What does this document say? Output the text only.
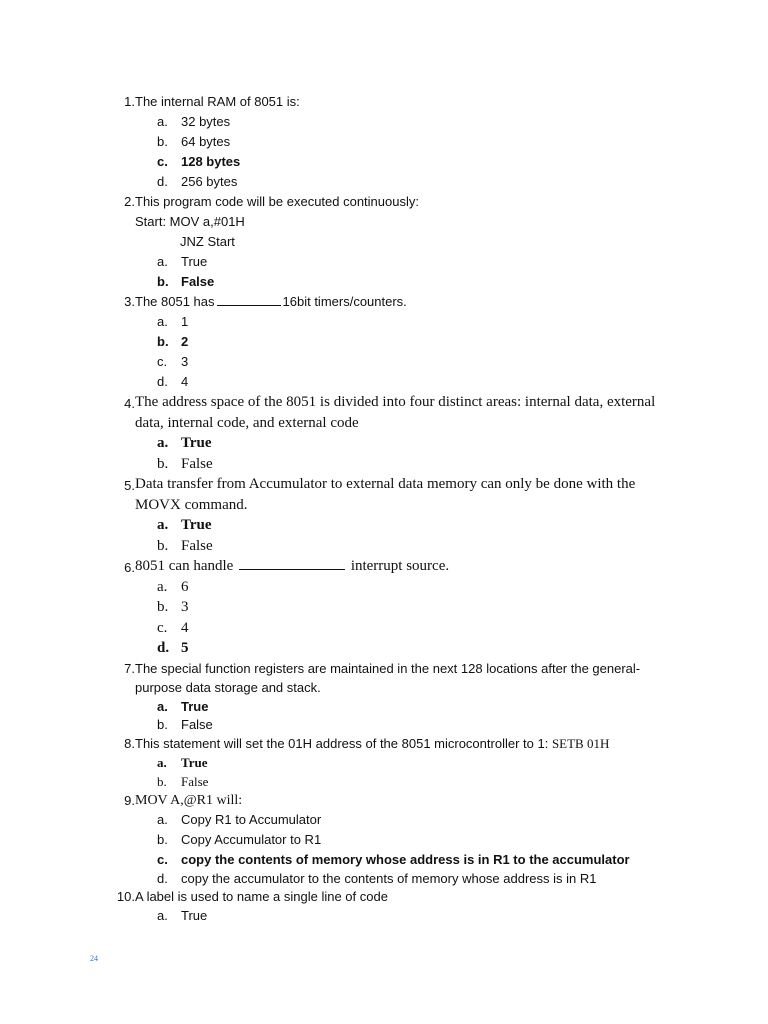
1. The internal RAM of 8051 is:
a. 32 bytes
b. 64 bytes
c. 128 bytes
d. 256 bytes
2. This program code will be executed continuously:
Start: MOV a,#01H
JNZ Start
a. True
b. False
3. The 8051 has	16bit timers/counters.
a. 1
b. 2
c. 3
d. 4
4. The address space of the 8051 is divided into four distinct areas: internal data, external
data, internal code, and external code
a. True
b. False
5. Data transfer from Accumulator to external data memory can only be done with the
MOVX command.
a. True
b. False
6. 8051 can handle	interrupt source.
a. 6
b. 3
c. 4
d. 5
7. The special function registers are maintained in the next 128 locations after the general-
purpose data storage and stack.
a. True
b. False
8. This statement will set the 01H address of the 8051 microcontroller to 1: SETB 01H
a. True
b. False
9. MOV A,@R1 will:
a. Copy R1 to Accumulator
b. Copy Accumulator to R1
c. copy the contents of memory whose address is in R1 to the accumulator
d. copy the accumulator to the contents of memory whose address is in R1
10. A label is used to name a single line of code
a. True
24
